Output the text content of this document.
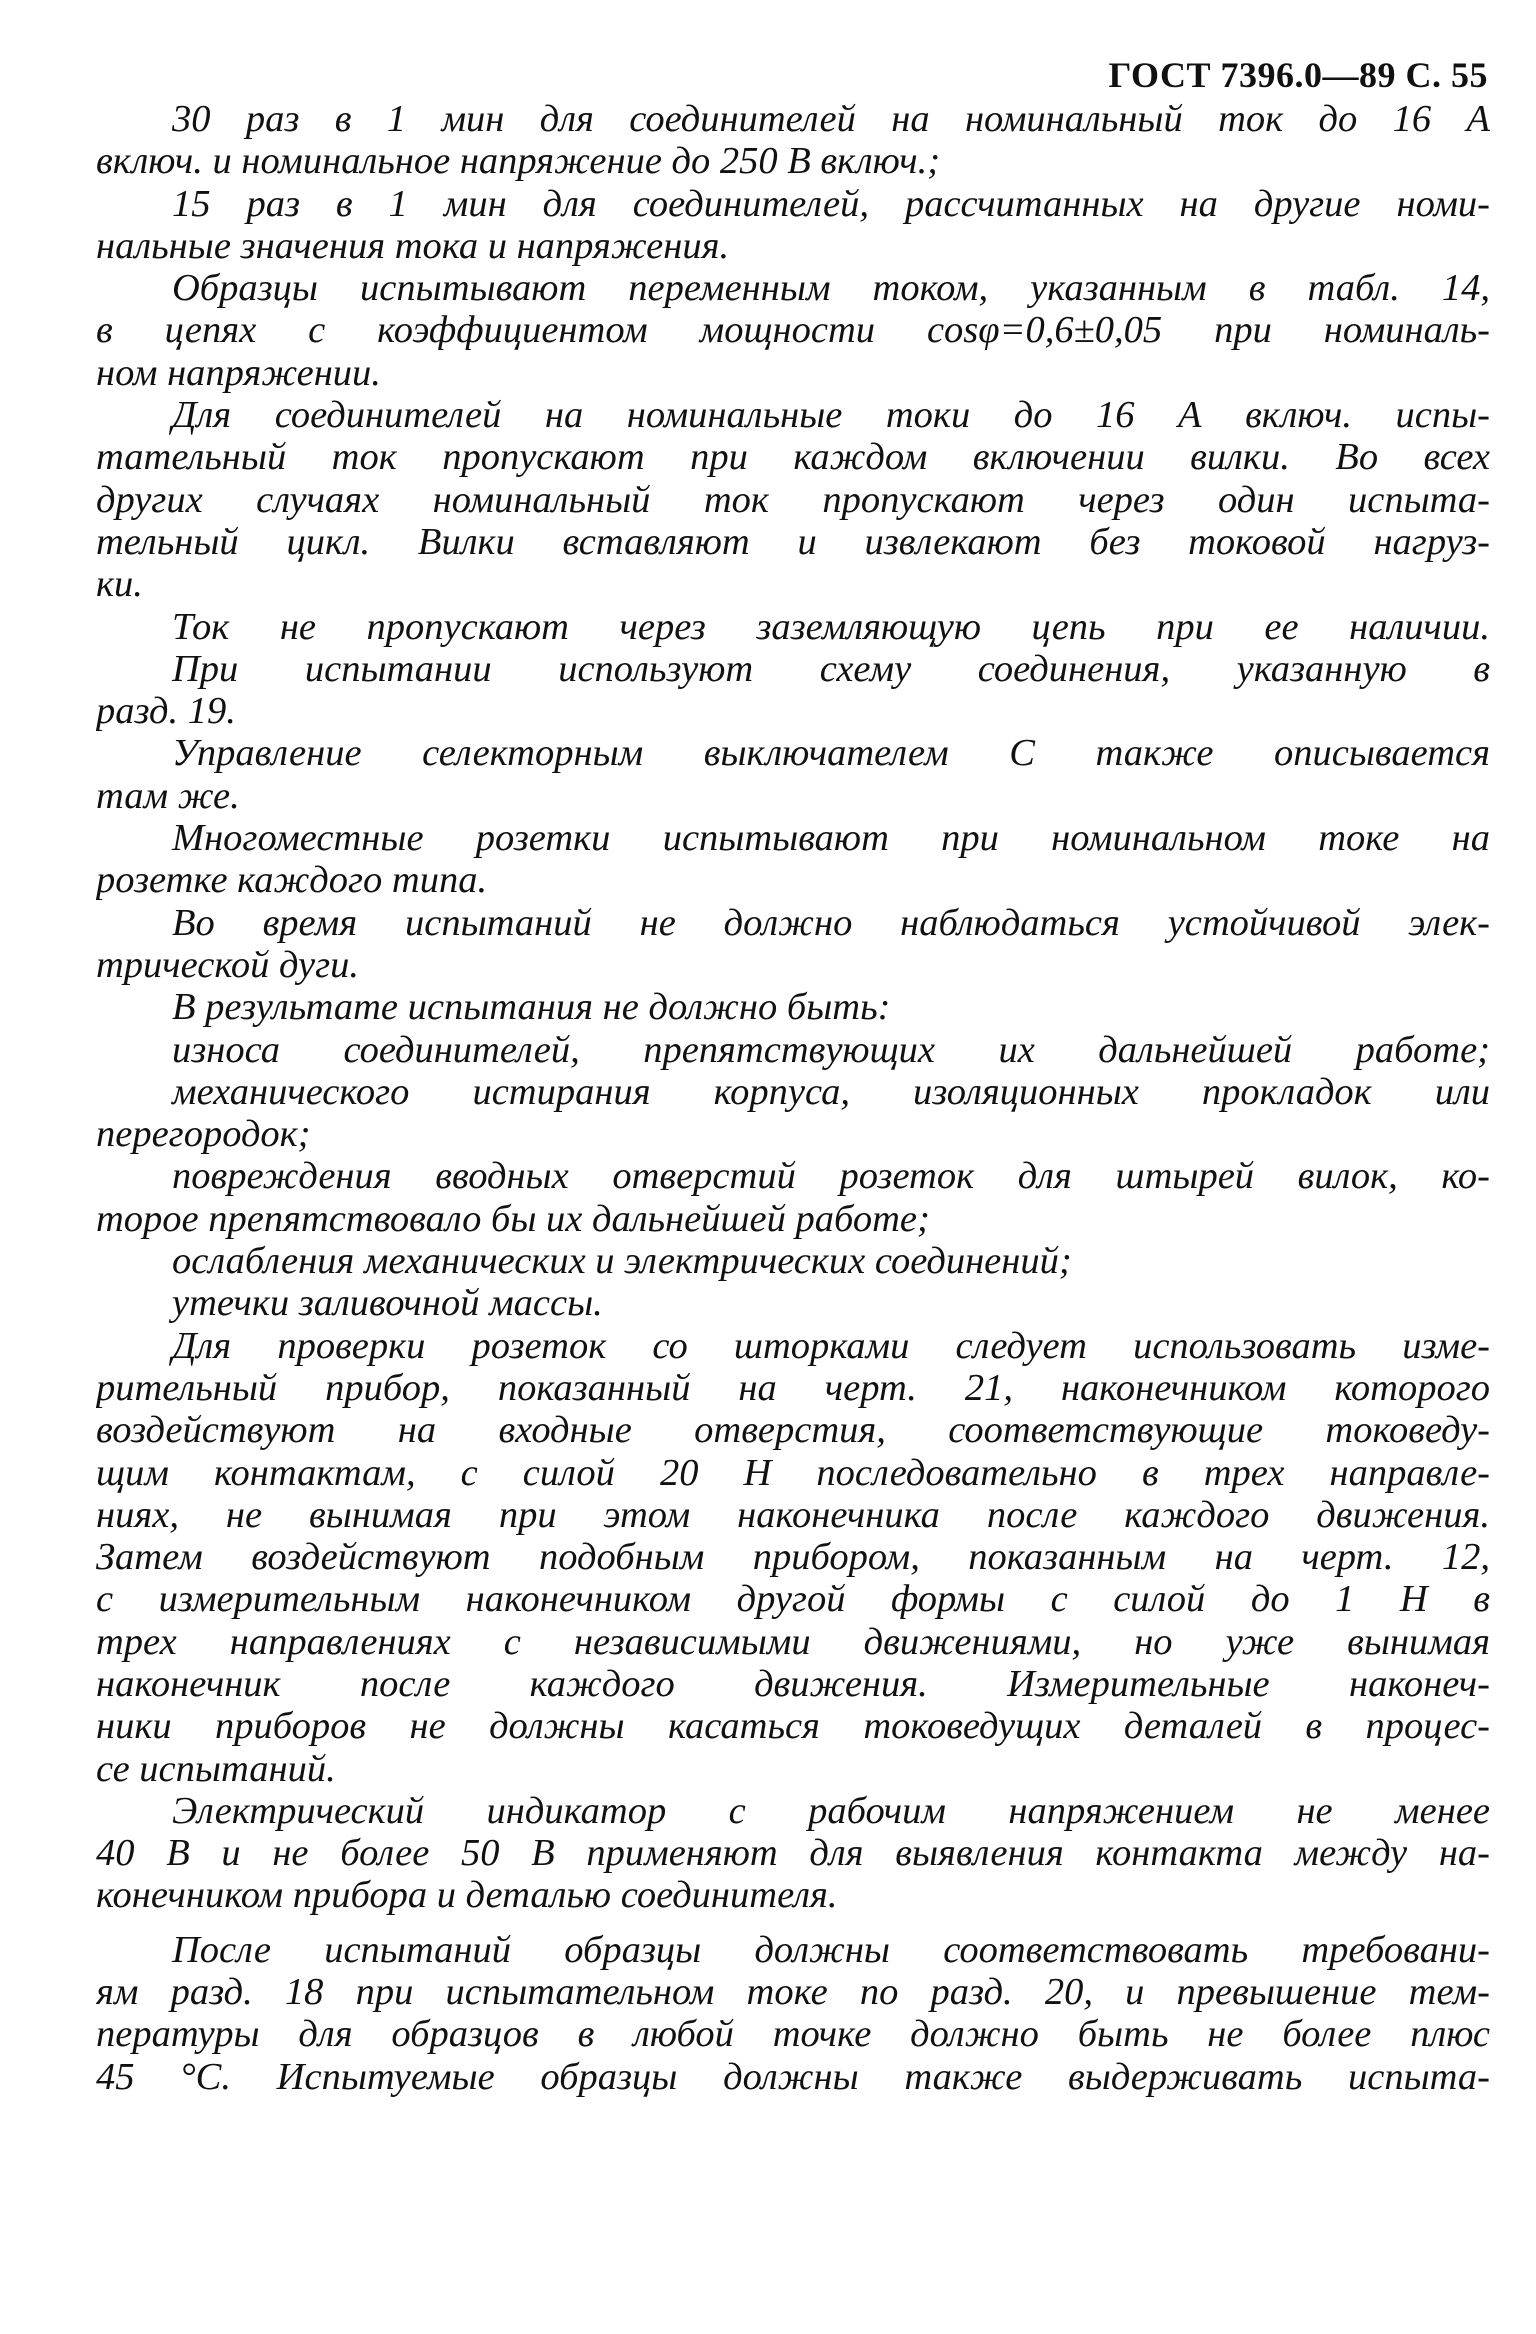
ГОСТ 7396.0—89 С. 55
30 раз в 1 мин для соединителей на номинальный ток до 16 А
включ. и номинальное напряжение до 250 В включ.;
15 раз в 1 мин для соединителей, рассчитанных на другие номи-
нальные значения тока и напряжения.
Образцы испытывают переменным током, указанным в табл. 14,
в цепях с коэффициентом мощности cosφ=0,6±0,05 при номиналь-
ном напряжении.
Для соединителей на номинальные токи до 16 А включ. испы-
тательный ток пропускают при каждом включении вилки. Во всех
других случаях номинальный ток пропускают через один испыта-
тельный цикл. Вилки вставляют и извлекают без токовой нагруз-
ки.
Ток не пропускают через заземляющую цепь при ее наличии.
При испытании используют схему соединения, указанную в
разд. 19.
Управление селекторным выключателем С также описывается
там же.
Многоместные розетки испытывают при номинальном токе на
розетке каждого типа.
Во время испытаний не должно наблюдаться устойчивой элек-
трической дуги.
В результате испытания не должно быть:
износа соединителей, препятствующих их дальнейшей работе;
механического истирания корпуса, изоляционных прокладок или
перегородок;
повреждения вводных отверстий розеток для штырей вилок, ко-
торое препятствовало бы их дальнейшей работе;
ослабления механических и электрических соединений;
утечки заливочной массы.
Для проверки розеток со шторками следует использовать изме-
рительный прибор, показанный на черт. 21, наконечником которого
воздействуют на входные отверстия, соответствующие токоведу-
щим контактам, с силой 20 Н последовательно в трех направле-
ниях, не вынимая при этом наконечника после каждого движения.
Затем воздействуют подобным прибором, показанным на черт. 12,
с измерительным наконечником другой формы с силой до 1 Н в
трех направлениях с независимыми движениями, но уже вынимая
наконечник после каждого движения. Измерительные наконеч-
ники приборов не должны касаться токоведущих деталей в процес-
се испытаний.
Электрический индикатор с рабочим напряжением не менее
40 В и не более 50 В применяют для выявления контакта между на-
конечником прибора и деталью соединителя.
После испытаний образцы должны соответствовать требовани-
ям разд. 18 при испытательном токе по разд. 20, и превышение тем-
пературы для образцов в любой точке должно быть не более плюс
45 °С. Испытуемые образцы должны также выдерживать испыта-
